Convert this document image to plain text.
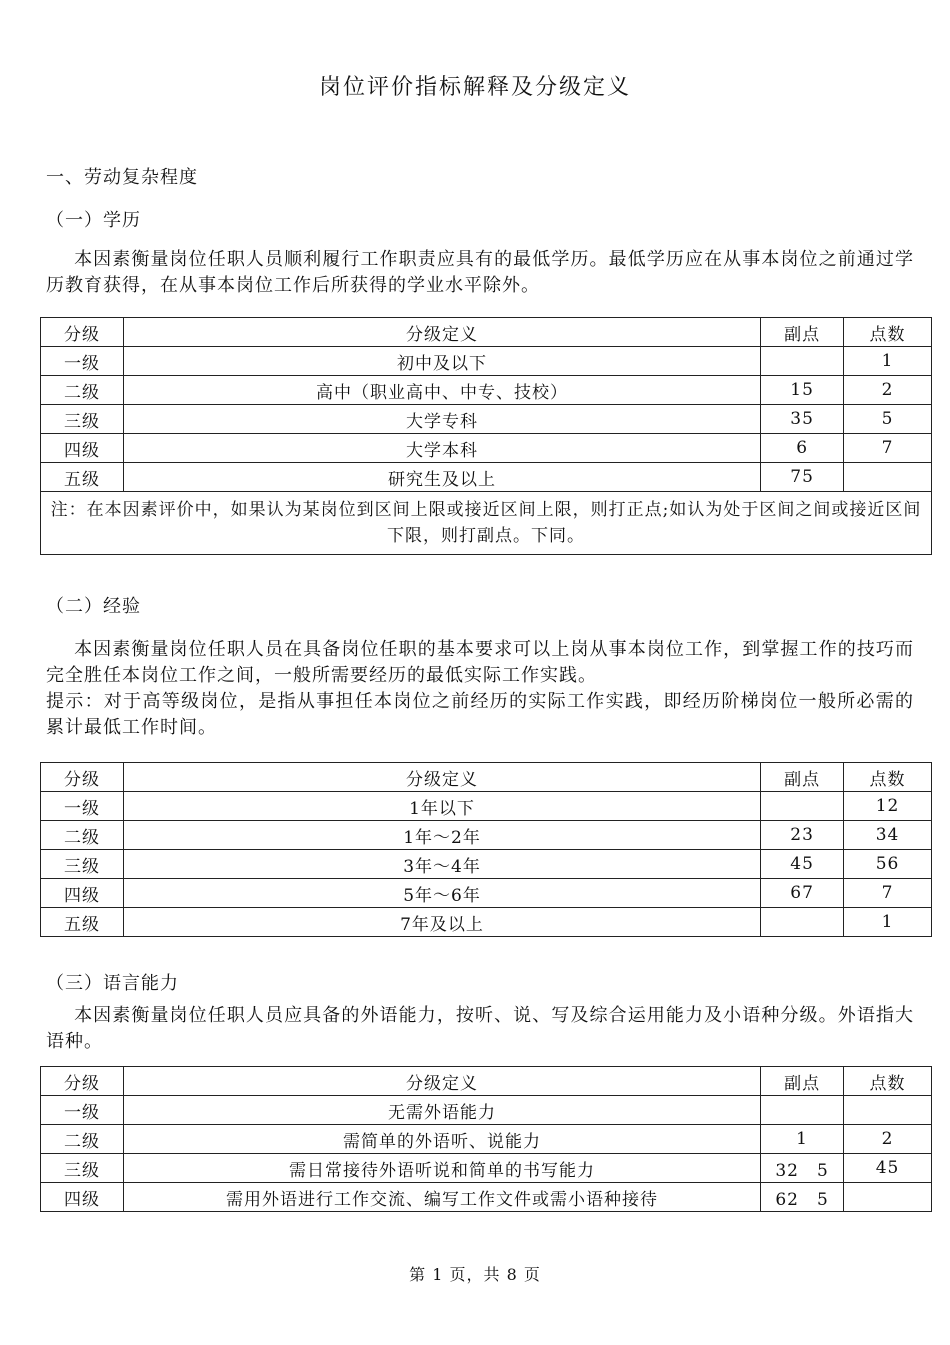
岗位评价指标解释及分级定义
一、劳动复杂程度
（一）学历
本因素衡量岗位任职人员顺利履行工作职责应具有的最低学历。最低学历应在从事本岗位之前通过学历教育获得，在从事本岗位工作后所获得的学业水平除外。
分级	分级定义	副点	点数
一级	初中及以下		1
二级	高中（职业高中、中专、技校）	15	2
三级	大学专科	35	5
四级	大学本科	6	7
五级	研究生及以上	75	
注：在本因素评价中，如果认为某岗位到区间上限或接近区间上限，则打正点;如认为处于区间之间或接近区间下限，则打副点。下同。			
（二）经验
本因素衡量岗位任职人员在具备岗位任职的基本要求可以上岗从事本岗位工作，到掌握工作的技巧而完全胜任本岗位工作之间，一般所需要经历的最低实际工作实践。
提示：对于高等级岗位，是指从事担任本岗位之前经历的实际工作实践，即经历阶梯岗位一般所必需的累计最低工作时间。
分级	分级定义	副点	点数
一级	1年以下		12
二级	1年～2年	23	34
三级	3年～4年	45	56
四级	5年～6年	67	7
五级	7年及以上		1
（三）语言能力
本因素衡量岗位任职人员应具备的外语能力，按听、说、写及综合运用能力及小语种分级。外语指大语种。
分级	分级定义	副点	点数
一级	无需外语能力		
二级	需简单的外语听、说能力	1	2
三级	需日常接待外语听说和简单的书写能力	32　5	45
四级	需用外语进行工作交流、编写工作文件或需小语种接待	62　5	
第 1 页，共 8 页
